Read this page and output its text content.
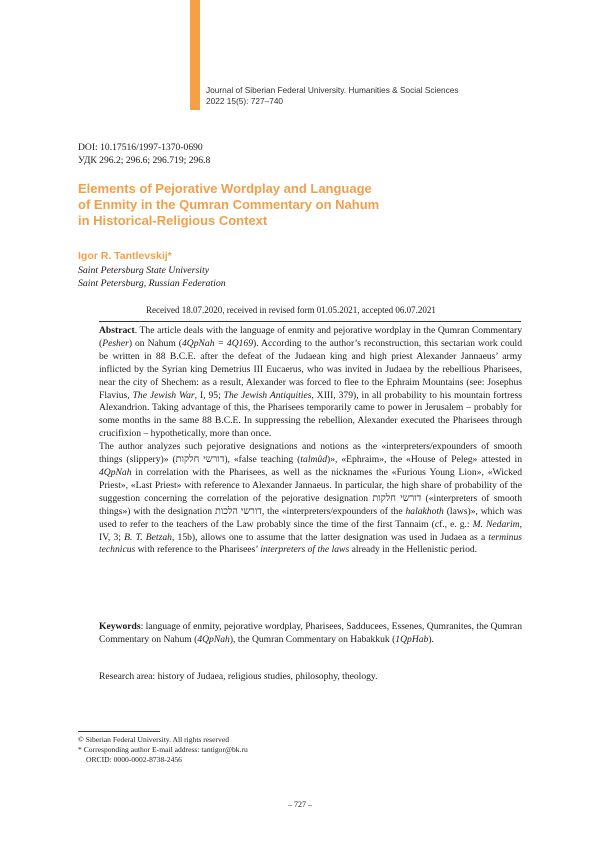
Journal of Siberian Federal University. Humanities & Social Sciences
2022 15(5): 727–740
DOI: 10.17516/1997-1370-0690
УДК 296.2; 296.6; 296.719; 296.8
Elements of Pejorative Wordplay and Language
of Enmity in the Qumran Commentary on Nahum
in Historical-Religious Context
Igor R. Tantlevskij*
Saint Petersburg State University
Saint Petersburg, Russian Federation
Received 18.07.2020, received in revised form 01.05.2021, accepted 06.07.2021

Abstract. The article deals with the language of enmity and pejorative wordplay in the Qumran Commentary (Pesher) on Nahum (4QpNah = 4Q169). According to the author’s reconstruction, this sectarian work could be written in 88 B.C.E. after the defeat of the Judaean king and high priest Alexander Jannaeus’ army inflicted by the Syrian king Demetrius III Eucaerus, who was invited in Judaea by the rebellious Pharisees, near the city of Shechem: as a result, Alexander was forced to flee to the Ephraim Mountains (see: Josephus Flavius, The Jewish War, I, 95; The Jewish Antiquities, XIII, 379), in all probability to his mountain fortress Alexandrion. Taking advantage of this, the Pharisees temporarily came to power in Jerusalem – probably for some months in the same 88 B.C.E. In suppressing the rebellion, Alexander executed the Pharisees through crucifixion – hypothetically, more than once.

The author analyzes such pejorative designations and notions as the «interpreters/expounders of smooth things (slippery)» (דורשי חלקות), «false teaching (talmûd)», «Ephraim», the «House of Peleg» attested in 4QpNah in correlation with the Pharisees, as well as the nicknames the «Furious Young Lion», «Wicked Priest», «Last Priest» with reference to Alexander Jannaeus. In particular, the high share of probability of the suggestion concerning the correlation of the pejorative designation דורשי חלקות («interpreters of smooth things») with the designation דורשי הלכות, the «interpreters/expounders of the halakhoth (laws)», which was used to refer to the teachers of the Law probably since the time of the first Tannaim (cf., e. g.: M. Nedarim, IV, 3; B. T. Betzah, 15b), allows one to assume that the latter designation was used in Judaea as a terminus technicus with reference to the Pharisees’ interpreters of the laws already in the Hellenistic period.

Keywords: language of enmity, pejorative wordplay, Pharisees, Sadducees, Essenes, Qumranites, the Qumran Commentary on Nahum (4QpNah), the Qumran Commentary on Habakkuk (1QpHab).
Research area: history of Judaea, religious studies, philosophy, theology.
© Siberian Federal University. All rights reserved
* Corresponding author E-mail address: tantigor@bk.ru
ORCID: 0000-0002-8738-2456
– 727 –
